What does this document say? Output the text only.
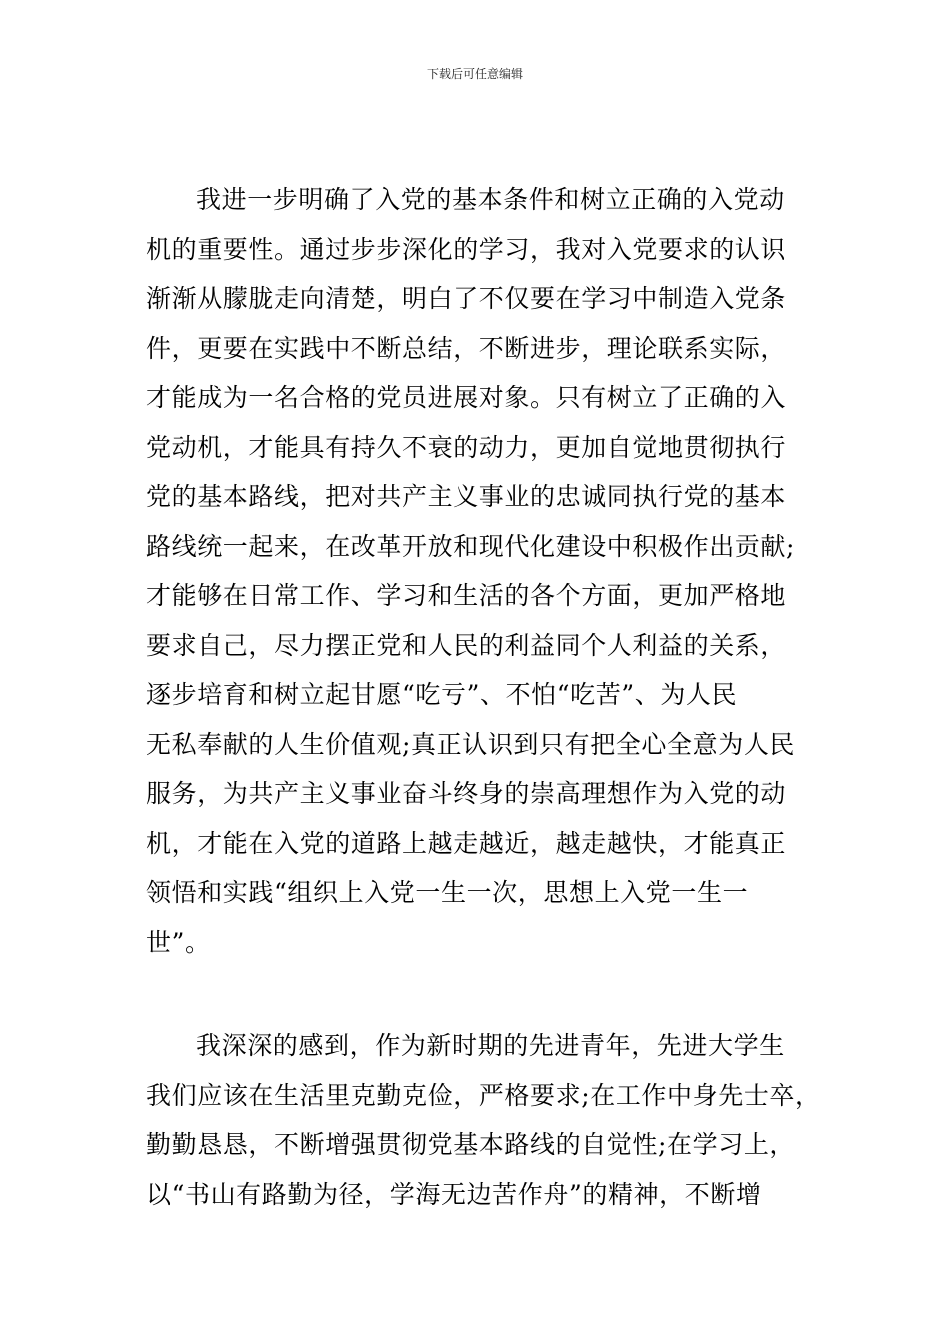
下载后可任意编辑
我进一步明确了入党的基本条件和树立正确的入党动
机的重要性。通过步步深化的学习，我对入党要求的认识
渐渐从朦胧走向清楚，明白了不仅要在学习中制造入党条
件，更要在实践中不断总结，不断进步，理论联系实际，
才能成为一名合格的党员进展对象。只有树立了正确的入
党动机，才能具有持久不衰的动力，更加自觉地贯彻执行
党的基本路线，把对共产主义事业的忠诚同执行党的基本
路线统一起来，在改革开放和现代化建设中积极作出贡献;
才能够在日常工作、学习和生活的各个方面，更加严格地
要求自己，尽力摆正党和人民的利益同个人利益的关系，
逐步培育和树立起甘愿“吃亏”、不怕“吃苦”、为人民
无私奉献的人生价值观;真正认识到只有把全心全意为人民
服务，为共产主义事业奋斗终身的崇高理想作为入党的动
机，才能在入党的道路上越走越近，越走越快，才能真正
领悟和实践“组织上入党一生一次，思想上入党一生一
世”。
我深深的感到，作为新时期的先进青年，先进大学生
我们应该在生活里克勤克俭，严格要求;在工作中身先士卒，
勤勤恳恳，不断增强贯彻党基本路线的自觉性;在学习上，
以“书山有路勤为径，学海无边苦作舟”的精神，不断增
